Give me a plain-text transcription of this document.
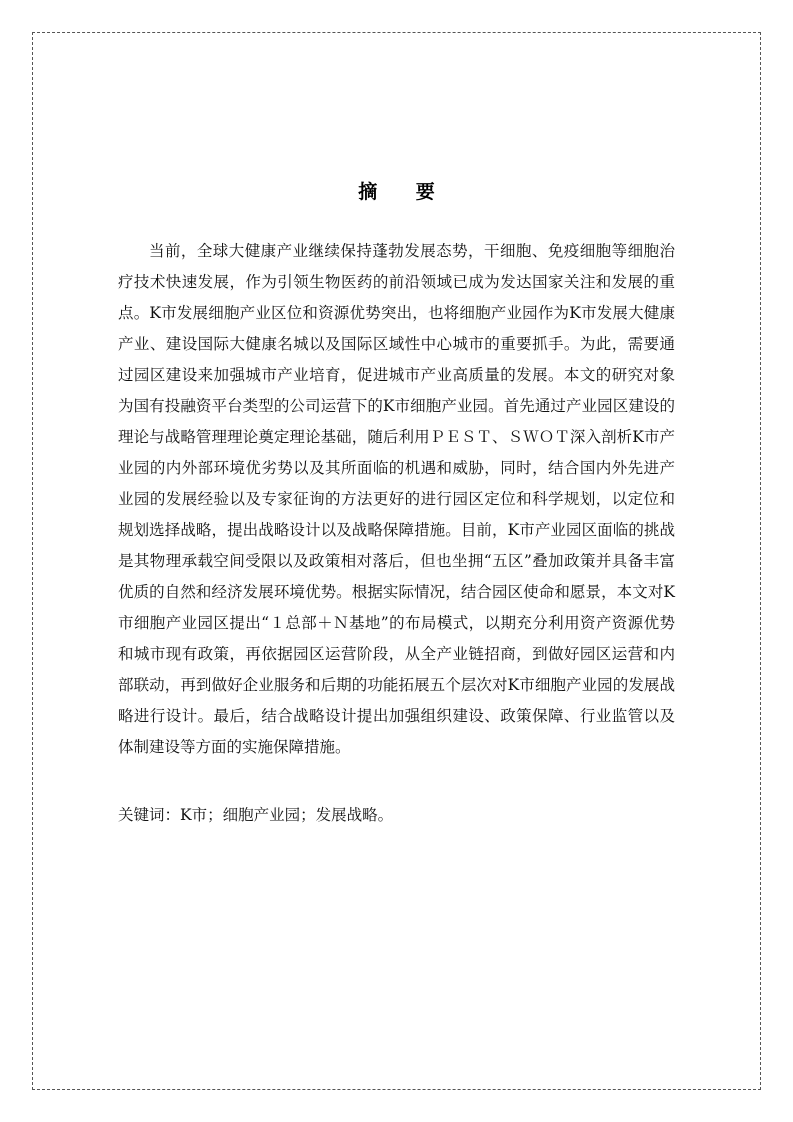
摘 要

当前，全球大健康产业继续保持蓬勃发展态势，干细胞、免疫细胞等细胞治疗技术快速发展，作为引领生物医药的前沿领域已成为发达国家关注和发展的重点。K市发展细胞产业区位和资源优势突出，也将细胞产业园作为K市发展大健康产业、建设国际大健康名城以及国际区域性中心城市的重要抓手。为此，需要通过园区建设来加强城市产业培育，促进城市产业高质量的发展。本文的研究对象为国有投融资平台类型的公司运营下的K市细胞产业园。首先通过产业园区建设的理论与战略管理理论奠定理论基础，随后利用ＰＥＳＴ、ＳＷＯＴ深入剖析K市产业园的内外部环境优劣势以及其所面临的机遇和威胁，同时，结合国内外先进产业园的发展经验以及专家征询的方法更好的进行园区定位和科学规划，以定位和规划选择战略，提出战略设计以及战略保障措施。目前，K市产业园区面临的挑战是其物理承载空间受限以及政策相对落后，但也坐拥“五区”叠加政策并具备丰富优质的自然和经济发展环境优势。根据实际情况，结合园区使命和愿景，本文对K市细胞产业园区提出“１总部＋Ｎ基地”的布局模式，以期充分利用资产资源优势和城市现有政策，再依据园区运营阶段，从全产业链招商，到做好园区运营和内部联动，再到做好企业服务和后期的功能拓展五个层次对K市细胞产业园的发展战略进行设计。最后，结合战略设计提出加强组织建设、政策保障、行业监管以及体制建设等方面的实施保障措施。

关键词：K市；细胞产业园；发展战略。
